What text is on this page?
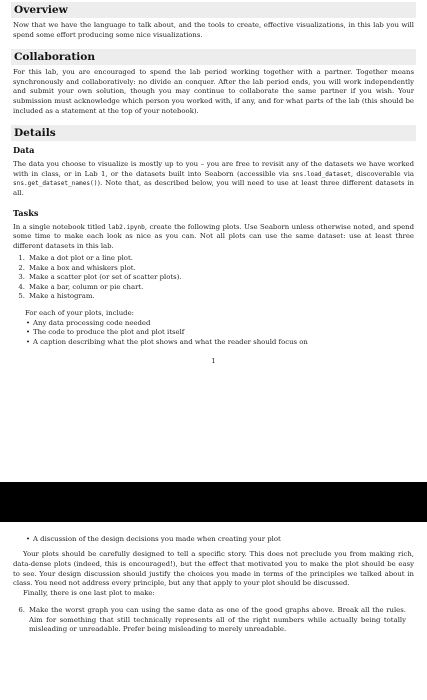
Overview

Now that we have the language to talk about, and the tools to create, effective visualizations, in this lab you will spend some effort producing some nice visualizations.

Collaboration

For this lab, you are encouraged to spend the lab period working together with a partner. Together means synchronously and collaboratively: no divide an conquer. After the lab period ends, you will work independently and submit your own solution, though you may continue to collaborate the same partner if you wish. Your submission must acknowledge which person you worked with, if any, and for what parts of the lab (this should be included as a statement at the top of your notebook).

Details
Data

The data you choose to visualize is mostly up to you – you are free to revisit any of the datasets we have worked with in class, or in Lab 1, or the datasets built into Seaborn (accessible via sns.load_dataset, discoverable via sns.get_dataset_names()). Note that, as described below, you will need to use at least three different datasets in all.

Tasks

In a single notebook titled lab2.ipynb, create the following plots. Use Seaborn unless otherwise noted, and spend some time to make each look as nice as you can. Not all plots can use the same dataset: use at least three different datasets in this lab.

1. Make a dot plot or a line plot.
2. Make a box and whiskers plot.
3. Make a scatter plot (or set of scatter plots).
4. Make a bar, column or pie chart.
5. Make a histogram.

For each of your plots, include:

• Any data processing code needed
• The code to produce the plot and plot itself
• A caption describing what the plot shows and what the reader should focus on
1
• A discussion of the design decisions you made when creating your plot

Your plots should be carefully designed to tell a specific story. This does not preclude you from making rich, data-dense plots (indeed, this is encouraged!), but the effect that motivated you to make the plot should be easy to see. Your design discussion should justify the choices you made in terms of the principles we talked about in class. You need not address every principle, but any that apply to your plot should be discussed.

Finally, there is one last plot to make:

6. Make the worst graph you can using the same data as one of the good graphs above. Break all the rules. Aim for something that still technically represents all of the right numbers while actually being totally misleading or unreadable. Prefer being misleading to merely unreadable.
